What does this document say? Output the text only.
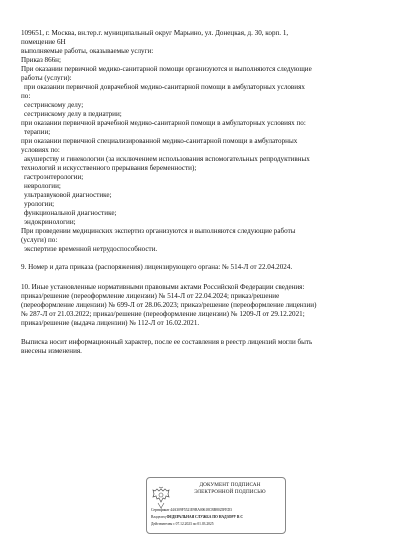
109651, г. Москва, вн.тер.г. муниципальный округ Марьино, ул. Донецкая, д. 30, корп. 1,
помещение 6Н
выполняемые работы, оказываемые услуги:
Приказ 866н;
При оказании первичной медико-санитарной помощи организуются и выполняются следующие
работы (услуги):
при оказании первичной доврачебной медико-санитарной помощи в амбулаторных условиях
по:
сестринскому делу;
сестринскому делу в педиатрии;
при оказании первичной врачебной медико-санитарной помощи в амбулаторных условиях по:
терапии;
при оказании первичной специализированной медико-санитарной помощи в амбулаторных
условиях по:
акушерству и гинекологии (за исключением использования вспомогательных репродуктивных
технологий и искусственного прерывания беременности);
гастроэнтерологии;
неврологии;
ультразвуковой диагностике;
урологии;
функциональной диагностике;
эндокринологии;
При проведении медицинских экспертиз организуются и выполняются следующие работы
(услуги) по:
экспертизе временной нетрудоспособности.
9. Номер и дата приказа (распоряжения) лицензирующего органа: № 514-Л от 22.04.2024.
10. Иные установленные нормативными правовыми актами Российской Федерации сведения:
приказ/решение (переоформление лицензии) № 514-Л от 22.04.2024; приказ/решение
(переоформление лицензии) № 699-Л от 28.06.2023; приказ/решение (переоформление лицензии)
№ 287-Л от 21.03.2022; приказ/решение (переоформление лицензии) № 1209-Л от 29.12.2021;
приказ/решение (выдача лицензии) № 112-Л от 16.02.2021.
Выписка носит информационный характер, после ее составления в реестр лицензий могли быть
внесены изменения.
ДОКУМЕНТ ПОДПИСАН
ЭЛЕКТРОННОЙ ПОДПИСЬЮ
Сертификат 44A309F5521E9BA00618CBB8025FED3
Владелец ФЕДЕРАЛЬНАЯ СЛУЖБА ПО НАДЗОРУ В С
Действителен с 07.12.2023 по 01.03.2025
